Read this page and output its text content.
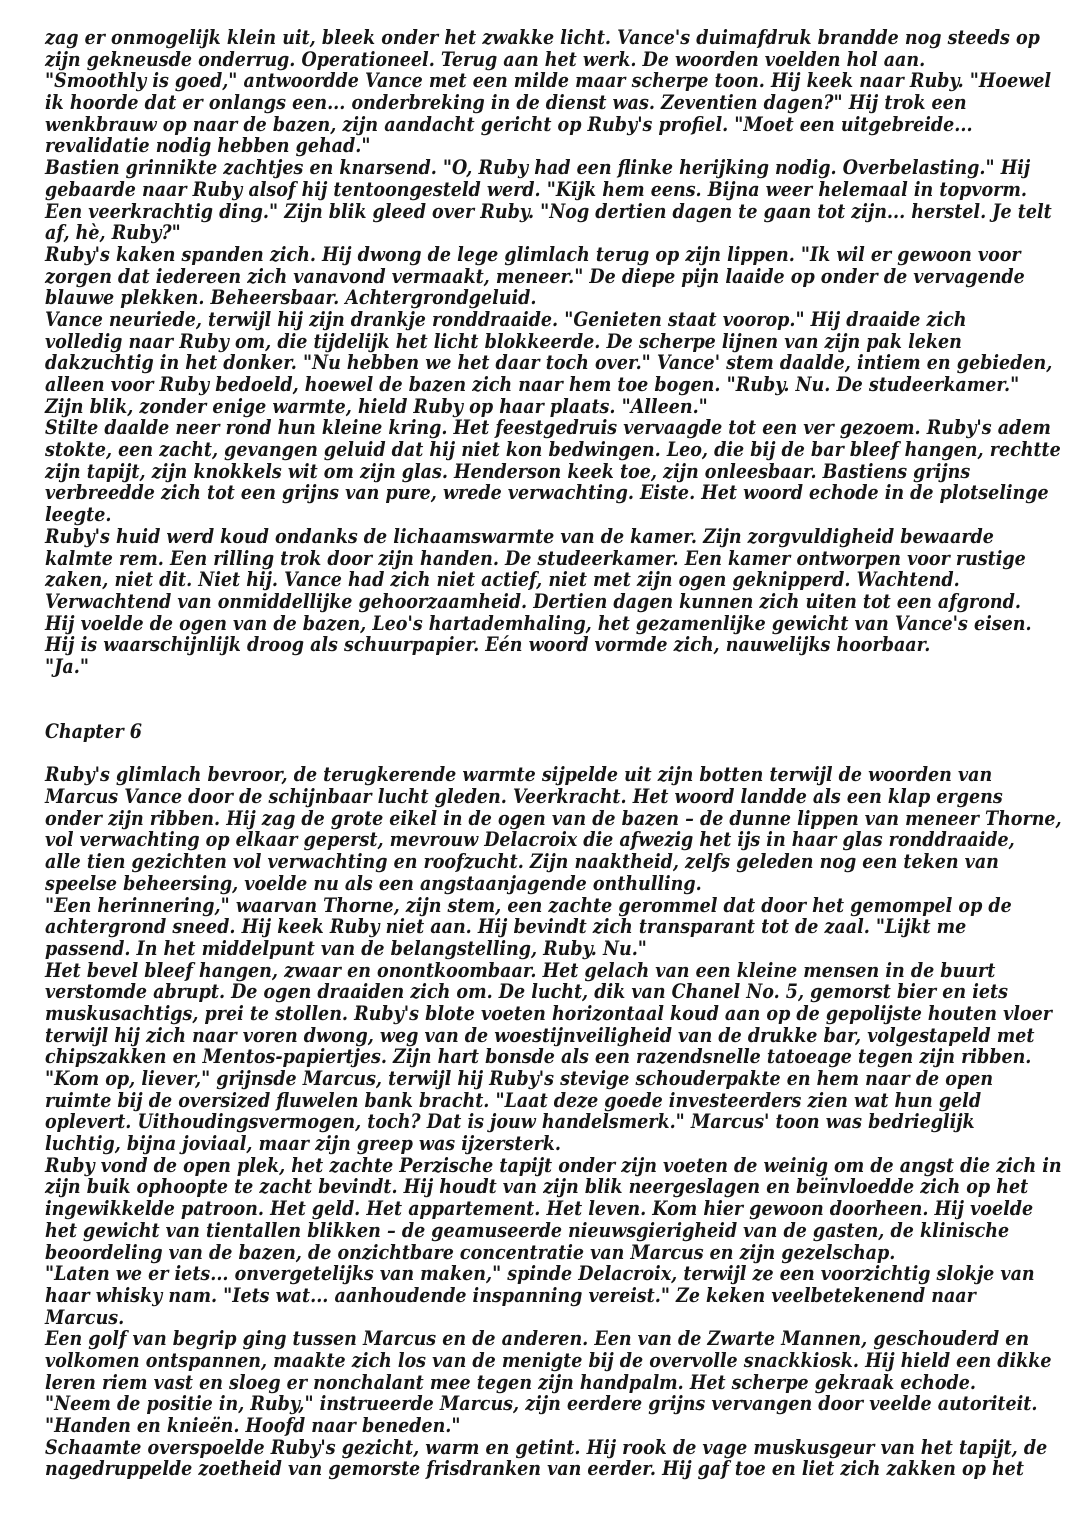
zag er onmogelijk klein uit, bleek onder het zwakke licht. Vance's duimafdruk brandde nog steeds op
zijn gekneusde onderrug. Operationeel. Terug aan het werk. De woorden voelden hol aan.
"Smoothly is goed," antwoordde Vance met een milde maar scherpe toon. Hij keek naar Ruby. "Hoewel
ik hoorde dat er onlangs een... onderbreking in de dienst was. Zeventien dagen?" Hij trok een
wenkbrauw op naar de bazen, zijn aandacht gericht op Ruby's profiel. "Moet een uitgebreide...
revalidatie nodig hebben gehad."
Bastien grinnikte zachtjes en knarsend. "O, Ruby had een flinke herijking nodig. Overbelasting." Hij
gebaarde naar Ruby alsof hij tentoongesteld werd. "Kijk hem eens. Bijna weer helemaal in topvorm.
Een veerkrachtig ding." Zijn blik gleed over Ruby. "Nog dertien dagen te gaan tot zijn... herstel. Je telt
af, hè, Ruby?"
Ruby's kaken spanden zich. Hij dwong de lege glimlach terug op zijn lippen. "Ik wil er gewoon voor
zorgen dat iedereen zich vanavond vermaakt, meneer." De diepe pijn laaide op onder de vervagende
blauwe plekken. Beheersbaar. Achtergrondgeluid.
Vance neuriede, terwijl hij zijn drankje ronddraaide. "Genieten staat voorop." Hij draaide zich
volledig naar Ruby om, die tijdelijk het licht blokkeerde. De scherpe lijnen van zijn pak leken
dakzuchtig in het donker. "Nu hebben we het daar toch over." Vance' stem daalde, intiem en gebieden,
alleen voor Ruby bedoeld, hoewel de bazen zich naar hem toe bogen. "Ruby. Nu. De studeerkamer."
Zijn blik, zonder enige warmte, hield Ruby op haar plaats. "Alleen."
Stilte daalde neer rond hun kleine kring. Het feestgedruis vervaagde tot een ver gezoem. Ruby's adem
stokte, een zacht, gevangen geluid dat hij niet kon bedwingen. Leo, die bij de bar bleef hangen, rechtte
zijn tapijt, zijn knokkels wit om zijn glas. Henderson keek toe, zijn onleesbaar. Bastiens grijns
verbreedde zich tot een grijns van pure, wrede verwachting. Eiste. Het woord echode in de plotselinge
leegte.
Ruby's huid werd koud ondanks de lichaamswarmte van de kamer. Zijn zorgvuldigheid bewaarde
kalmte rem. Een rilling trok door zijn handen. De studeerkamer. Een kamer ontworpen voor rustige
zaken, niet dit. Niet hij. Vance had zich niet actief, niet met zijn ogen geknipperd. Wachtend.
Verwachtend van onmiddellijke gehoorzaamheid. Dertien dagen kunnen zich uiten tot een afgrond.
Hij voelde de ogen van de bazen, Leo's hartademhaling, het gezamenlijke gewicht van Vance's eisen.
Hij is waarschijnlijk droog als schuurpapier. Eén woord vormde zich, nauwelijks hoorbaar.
"Ja."

Chapter 6

Ruby's glimlach bevroor, de terugkerende warmte sijpelde uit zijn botten terwijl de woorden van
Marcus Vance door de schijnbaar lucht gleden. Veerkracht. Het woord landde als een klap ergens
onder zijn ribben. Hij zag de grote eikel in de ogen van de bazen – de dunne lippen van meneer Thorne,
vol verwachting op elkaar geperst, mevrouw Delacroix die afwezig het ijs in haar glas ronddraaide,
alle tien gezichten vol verwachting en roofzucht. Zijn naaktheid, zelfs geleden nog een teken van
speelse beheersing, voelde nu als een angstaanjagende onthulling.
"Een herinnering," waarvan Thorne, zijn stem, een zachte gerommel dat door het gemompel op de
achtergrond sneed. Hij keek Ruby niet aan. Hij bevindt zich transparant tot de zaal. "Lijkt me
passend. In het middelpunt van de belangstelling, Ruby. Nu."
Het bevel bleef hangen, zwaar en onontkoombaar. Het gelach van een kleine mensen in de buurt
verstomde abrupt. De ogen draaiden zich om. De lucht, dik van Chanel No. 5, gemorst bier en iets
muskusachtigs, prei te stollen. Ruby's blote voeten horizontaal koud aan op de gepolijste houten vloer
terwijl hij zich naar voren dwong, weg van de woestijnveiligheid van de drukke bar, volgestapeld met
chipszakken en Mentos-papiertjes. Zijn hart bonsde als een razendsnelle tatoeage tegen zijn ribben.
"Kom op, liever," grijnsde Marcus, terwijl hij Ruby's stevige schouderpakte en hem naar de open
ruimte bij de oversized fluwelen bank bracht. "Laat deze goede investeerders zien wat hun geld
oplevert. Uithoudingsvermogen, toch? Dat is jouw handelsmerk." Marcus' toon was bedrieglijk
luchtig, bijna joviaal, maar zijn greep was ijzersterk.
Ruby vond de open plek, het zachte Perzische tapijt onder zijn voeten de weinig om de angst die zich in
zijn buik ophoopte te zacht bevindt. Hij houdt van zijn blik neergeslagen en beïnvloedde zich op het
ingewikkelde patroon. Het geld. Het appartement. Het leven. Kom hier gewoon doorheen. Hij voelde
het gewicht van tientallen blikken – de geamuseerde nieuwsgierigheid van de gasten, de klinische
beoordeling van de bazen, de onzichtbare concentratie van Marcus en zijn gezelschap.
"Laten we er iets... onvergetelijks van maken," spinde Delacroix, terwijl ze een voorzichtig slokje van
haar whisky nam. "Iets wat... aanhoudende inspanning vereist." Ze keken veelbetekenend naar
Marcus.
Een golf van begrip ging tussen Marcus en de anderen. Een van de Zwarte Mannen, geschouderd en
volkomen ontspannen, maakte zich los van de menigte bij de overvolle snackkiosk. Hij hield een dikke
leren riem vast en sloeg er nonchalant mee tegen zijn handpalm. Het scherpe gekraak echode.
"Neem de positie in, Ruby," instrueerde Marcus, zijn eerdere grijns vervangen door veelde autoriteit.
"Handen en knieën. Hoofd naar beneden."
Schaamte overspoelde Ruby's gezicht, warm en getint. Hij rook de vage muskusgeur van het tapijt, de
nagedruppelde zoetheid van gemorste frisdranken van eerder. Hij gaf toe en liet zich zakken op het
